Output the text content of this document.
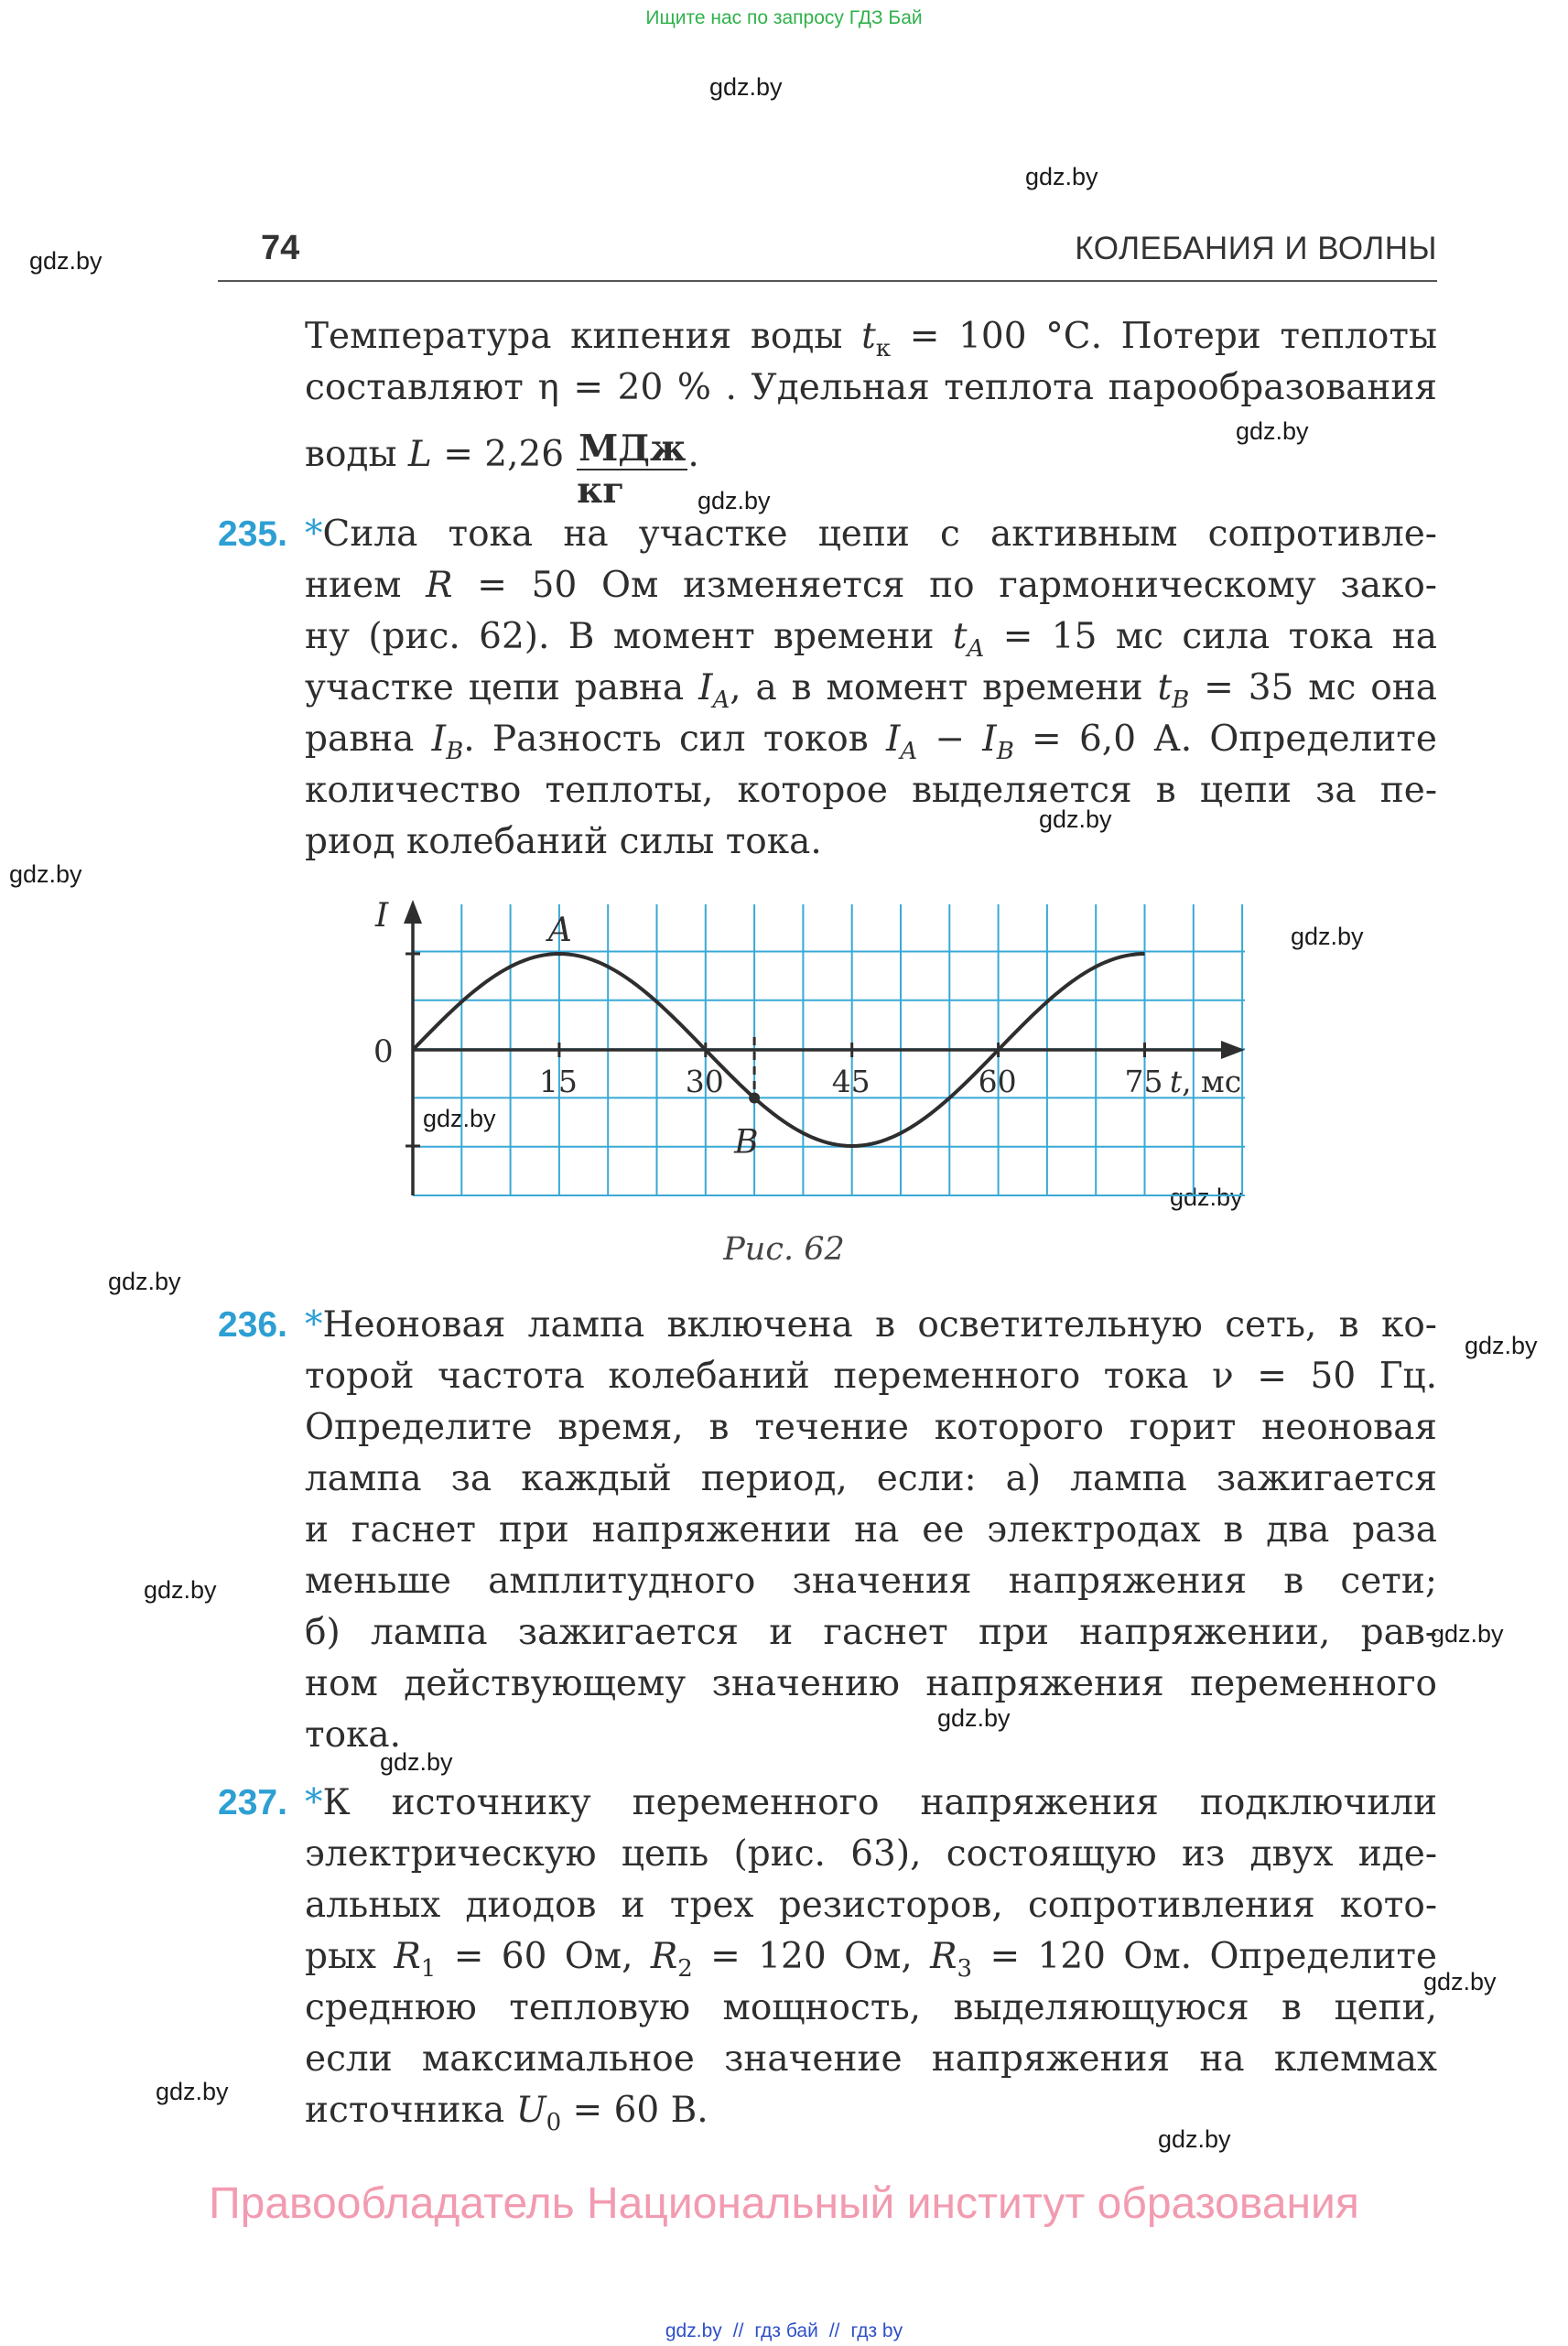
Ищите нас по запросу ГДЗ Бай
gdz.by
gdz.by
gdz.by
gdz.by
gdz.by
gdz.by
gdz.by
gdz.by
gdz.by
gdz.by
gdz.by
gdz.by
gdz.by
gdz.by
gdz.by
gdz.by
gdz.by
gdz.by
gdz.by
74	КОЛЕБАНИЯ И ВОЛНЫ
Температура кипения воды $t_к = 100$ °С. Потери теплоты
составляют η = 20 % . Удельная теплота парообразования
воды $L = 2,26 \frac{\text{МДж}}{кг}$ .
235. *Сила тока на участке цепи с активным сопротивле-
нием R = 50 Ом изменяется по гармоническому зако-
ну (рис. 62). В момент времени $t_A = 15$ мс сила тока на
участке цепи равна $I_A$, а в момент времени $t_B = 35$ мс она
равна $I_B$. Разность сил токов $I_A - I_B = 6,0$ А. Определите
количество теплоты, которое выделяется в цепи за пе-
риод колебаний силы тока.
15	30	45	60	75
I
0
t, мс
A
B
Рис. 62
236. *Неоновая лампа включена в осветительную сеть, в ко-
торой частота колебаний переменного тока ν = 50 Гц.
Определите время, в течение которого горит неоновая
лампа за каждый период, если: а) лампа зажигается
и гаснет при напряжении на ее электродах в два раза
меньше амплитудного значения напряжения в сети;
б) лампа зажигается и гаснет при напряжении, рав-
ном действующему значению напряжения переменного
тока.
237. *К источнику переменного напряжения подключили
электрическую цепь (рис. 63), состоящую из двух иде-
альных диодов и трех резисторов, сопротивления кото-
рых $R_1 = 60$ Ом, $R_2 = 120$ Ом, $R_3 = 120$ Ом. Определите
среднюю тепловую мощность, выделяющуюся в цепи,
если максимальное значение напряжения на клеммах
источника $U_0 = 60$ В.
Правообладатель Национальный институт образования
gdz.by // гдз бай // гдз by
